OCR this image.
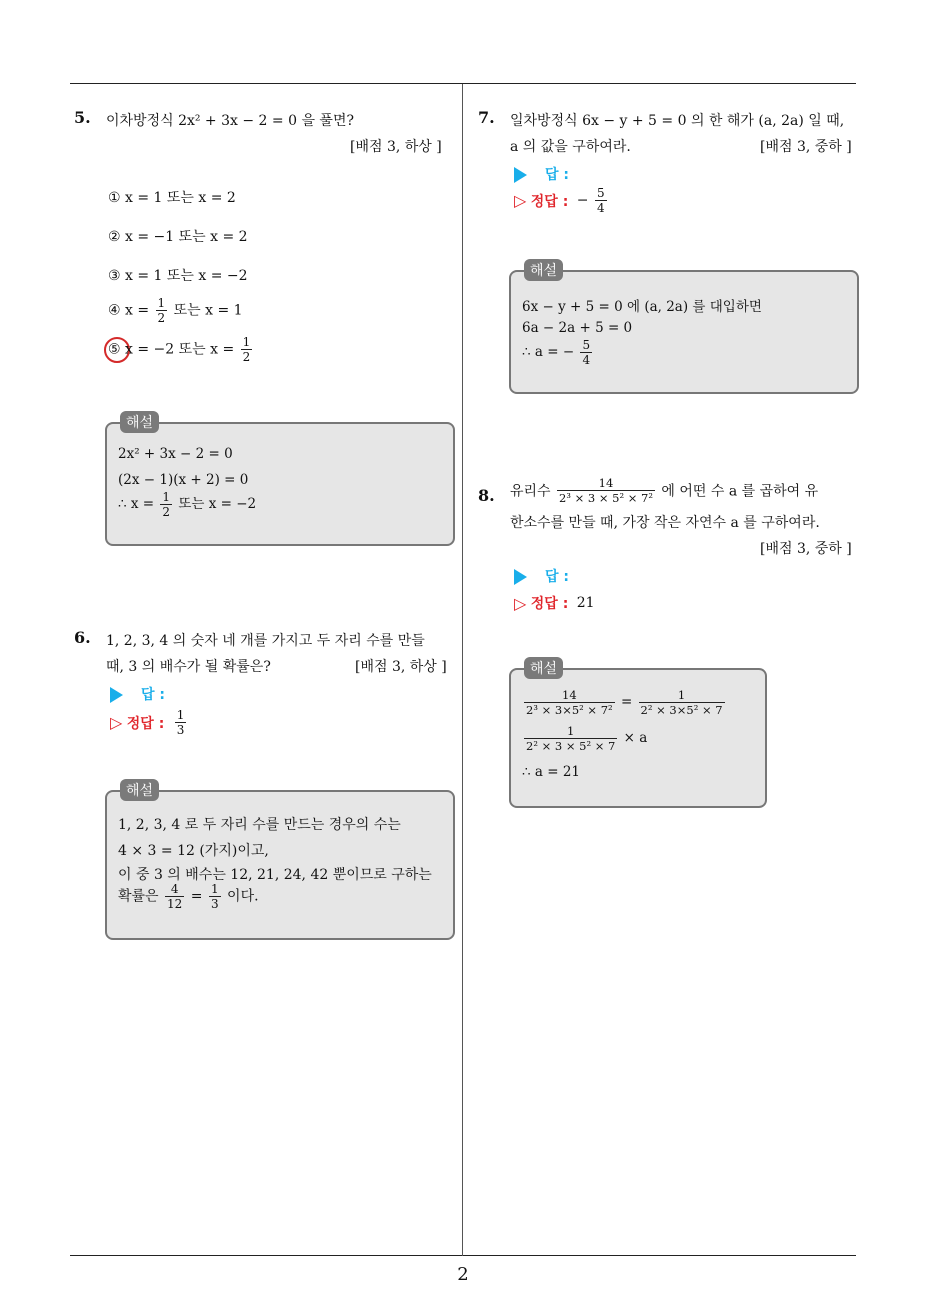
2
5. 이차방정식 2x² + 3x − 2 = 0 을 풀면?
[배점 3, 하상 ]
① x = 1 또는 x = 2
② x = −1 또는 x = 2
③ x = 1 또는 x = −2
④ $x = \frac{1}{2}$ 또는 x = 1
⑤ x = −2 또는 $x = \frac{1}{2}$
해설
2x² + 3x − 2 = 0
(2x − 1)(x + 2) = 0
∴ $x = \frac{1}{2}$ 또는 x = −2
6. 1, 2, 3, 4 의 숫자 네 개를 가지고 두 자리 수를 만들
때, 3 의 배수가 될 확률은?	[배점 3, 하상 ]
답 :
▷ 정답 : $\frac{1}{3}$
해설
1, 2, 3, 4 로 두 자리 수를 만드는 경우의 수는
4 × 3 = 12 (가지)이고,
이 중 3 의 배수는 12, 21, 24, 42 뿐이므로 구하는
확률은 $\frac{4}{12} = \frac{1}{3}$ 이다.
7. 일차방정식 6x − y + 5 = 0 의 한 해가 (a, 2a) 일 때,
a 의 값을 구하여라.	[배점 3, 중하 ]
답 :
▷ 정답 : − $\frac{5}{4}$
해설
6x − y + 5 = 0 에 (a, 2a) 를 대입하면
6a − 2a + 5 = 0
∴ a = − $\frac{5}{4}$
8. 유리수 $\frac{14}{\text{2³ × 3 × 5² × 7²}}$ 에 어떤 수 a 를 곱하여 유
한소수를 만들 때, 가장 작은 자연수 a 를 구하여라.
[배점 3, 중하 ]
답 :
▷ 정답 : 21
해설
$\frac{14}{\text{2³ × 3×5² × 7²}} = \frac{1}{\text{2² × 3×5² × 7}}$
$\frac{1}{\text{2² × 3 × 5² × 7}} \times a$
∴ a = 21
